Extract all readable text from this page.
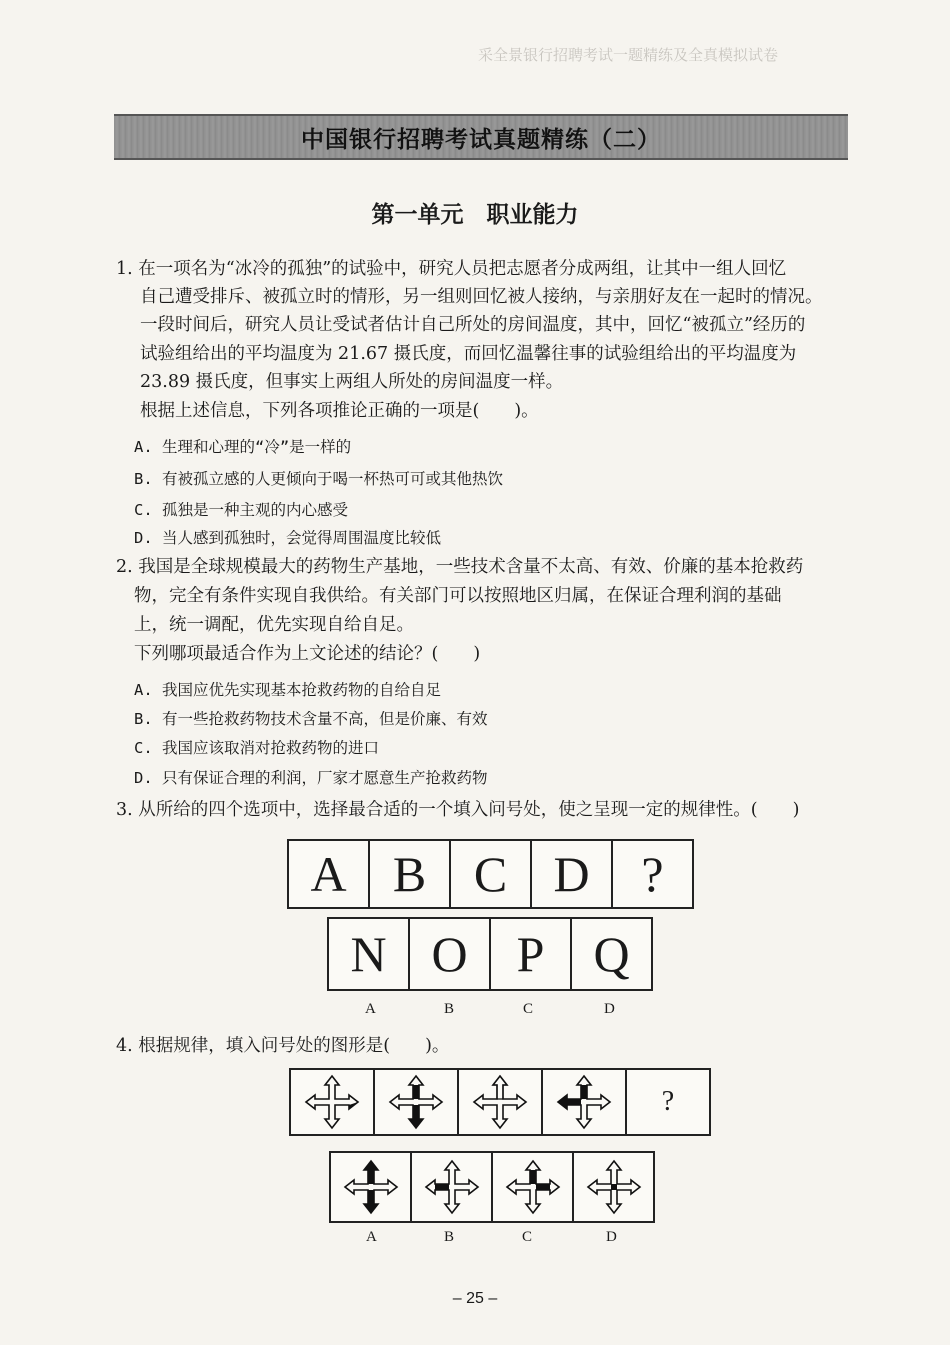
采全景银行招聘考试一题精练及全真模拟试卷
中国银行招聘考试真题精练（二）
第一单元　职业能力
1. 在一项名为“冰冷的孤独”的试验中，研究人员把志愿者分成两组，让其中一组人回忆
自己遭受排斥、被孤立时的情形，另一组则回忆被人接纳，与亲朋好友在一起时的情况。
一段时间后，研究人员让受试者估计自己所处的房间温度，其中，回忆“被孤立”经历的
试验组给出的平均温度为 21.67 摄氏度，而回忆温馨往事的试验组给出的平均温度为
23.89 摄氏度，但事实上两组人所处的房间温度一样。
根据上述信息，下列各项推论正确的一项是(　　)。
A. 生理和心理的“冷”是一样的
B. 有被孤立感的人更倾向于喝一杯热可可或其他热饮
C. 孤独是一种主观的内心感受
D. 当人感到孤独时，会觉得周围温度比较低
2. 我国是全球规模最大的药物生产基地，一些技术含量不太高、有效、价廉的基本抢救药
物，完全有条件实现自我供给。有关部门可以按照地区归属，在保证合理利润的基础
上，统一调配，优先实现自给自足。
下列哪项最适合作为上文论述的结论？(　　)
A. 我国应优先实现基本抢救药物的自给自足
B. 有一些抢救药物技术含量不高，但是价廉、有效
C. 我国应该取消对抢救药物的进口
D. 只有保证合理的利润，厂家才愿意生产抢救药物
3. 从所给的四个选项中，选择最合适的一个填入问号处，使之呈现一定的规律性。(　　)
A B C D	?
N O P Q
A	B	C	D
4. 根据规律，填入问号处的图形是(　　)。
?
A	B	C	D
– 25 –
